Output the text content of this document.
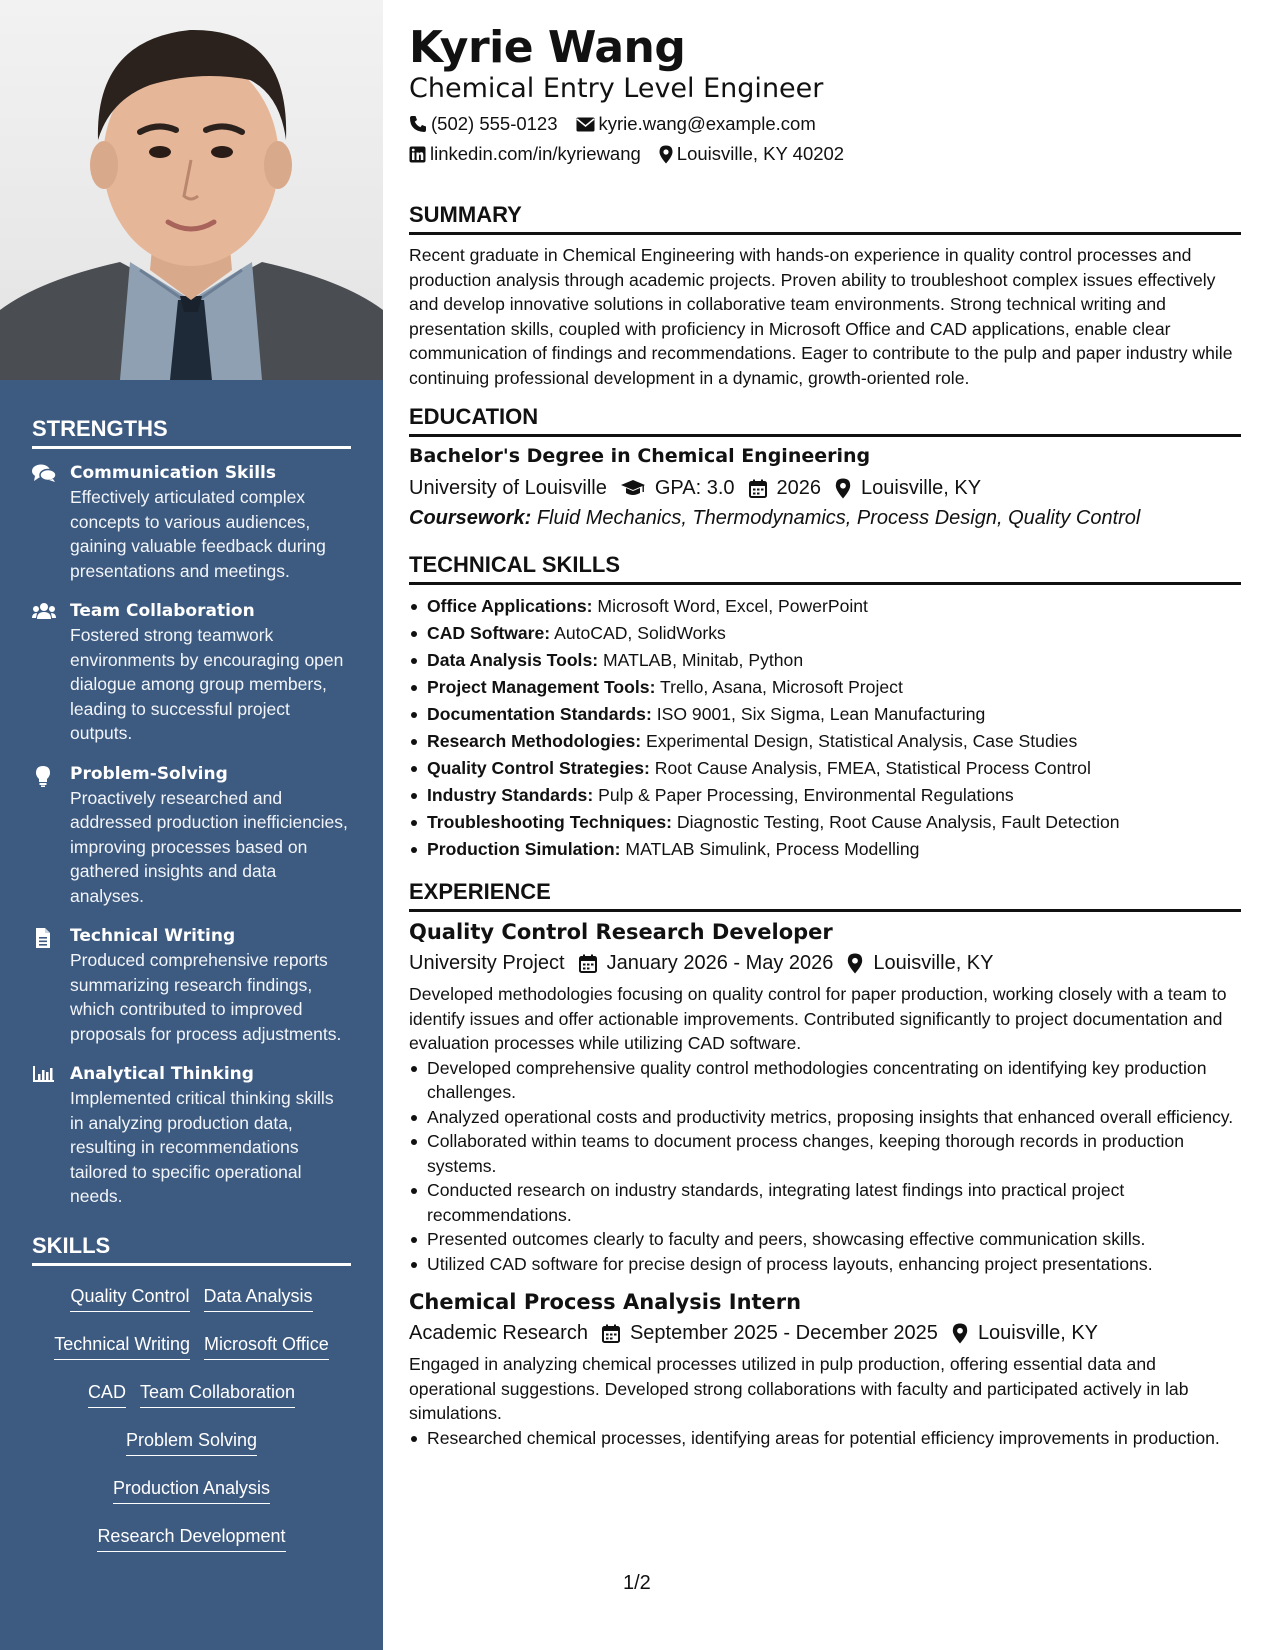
STRENGTHS
Communication Skills
Effectively articulated complex concepts to various audiences, gaining valuable feedback during presentations and meetings.
Team Collaboration
Fostered strong teamwork environments by encouraging open dialogue among group members, leading to successful project outputs.
Problem-Solving
Proactively researched and addressed production inefficiencies, improving processes based on gathered insights and data analyses.
Technical Writing
Produced comprehensive reports summarizing research findings, which contributed to improved proposals for process adjustments.
Analytical Thinking
Implemented critical thinking skills in analyzing production data, resulting in recommendations tailored to specific operational needs.
SKILLS
Quality Control Data Analysis
Technical Writing Microsoft Office
CAD Team Collaboration
Problem Solving
Production Analysis
Research Development
Kyrie Wang
Chemical Entry Level Engineer
(502) 555-0123 kyrie.wang@example.com
linkedin.com/in/kyriewang Louisville, KY 40202
SUMMARY

Recent graduate in Chemical Engineering with hands-on experience in quality control processes and production analysis through academic projects. Proven ability to troubleshoot complex issues effectively and develop innovative solutions in collaborative team environments. Strong technical writing and presentation skills, coupled with proficiency in Microsoft Office and CAD applications, enable clear communication of findings and recommendations. Eager to contribute to the pulp and paper industry while continuing professional development in a dynamic, growth-oriented role.

EDUCATION
Bachelor's Degree in Chemical Engineering
University of Louisville GPA: 3.0 2026 Louisville, KY
Coursework: Fluid Mechanics, Thermodynamics, Process Design, Quality Control
TECHNICAL SKILLS
Office Applications: Microsoft Word, Excel, PowerPoint
CAD Software: AutoCAD, SolidWorks
Data Analysis Tools: MATLAB, Minitab, Python
Project Management Tools: Trello, Asana, Microsoft Project
Documentation Standards: ISO 9001, Six Sigma, Lean Manufacturing
Research Methodologies: Experimental Design, Statistical Analysis, Case Studies
Quality Control Strategies: Root Cause Analysis, FMEA, Statistical Process Control
Industry Standards: Pulp & Paper Processing, Environmental Regulations
Troubleshooting Techniques: Diagnostic Testing, Root Cause Analysis, Fault Detection
Production Simulation: MATLAB Simulink, Process Modelling
EXPERIENCE
Quality Control Research Developer
University Project January 2026 - May 2026 Louisville, KY

Developed methodologies focusing on quality control for paper production, working closely with a team to identify issues and offer actionable improvements. Contributed significantly to project documentation and evaluation processes while utilizing CAD software.

Developed comprehensive quality control methodologies concentrating on identifying key production challenges.
Analyzed operational costs and productivity metrics, proposing insights that enhanced overall efficiency.
Collaborated within teams to document process changes, keeping thorough records in production systems.
Conducted research on industry standards, integrating latest findings into practical project recommendations.
Presented outcomes clearly to faculty and peers, showcasing effective communication skills.
Utilized CAD software for precise design of process layouts, enhancing project presentations.
Chemical Process Analysis Intern
Academic Research September 2025 - December 2025 Louisville, KY

Engaged in analyzing chemical processes utilized in pulp production, offering essential data and operational suggestions. Developed strong collaborations with faculty and participated actively in lab simulations.

Researched chemical processes, identifying areas for potential efficiency improvements in production.
1/2
